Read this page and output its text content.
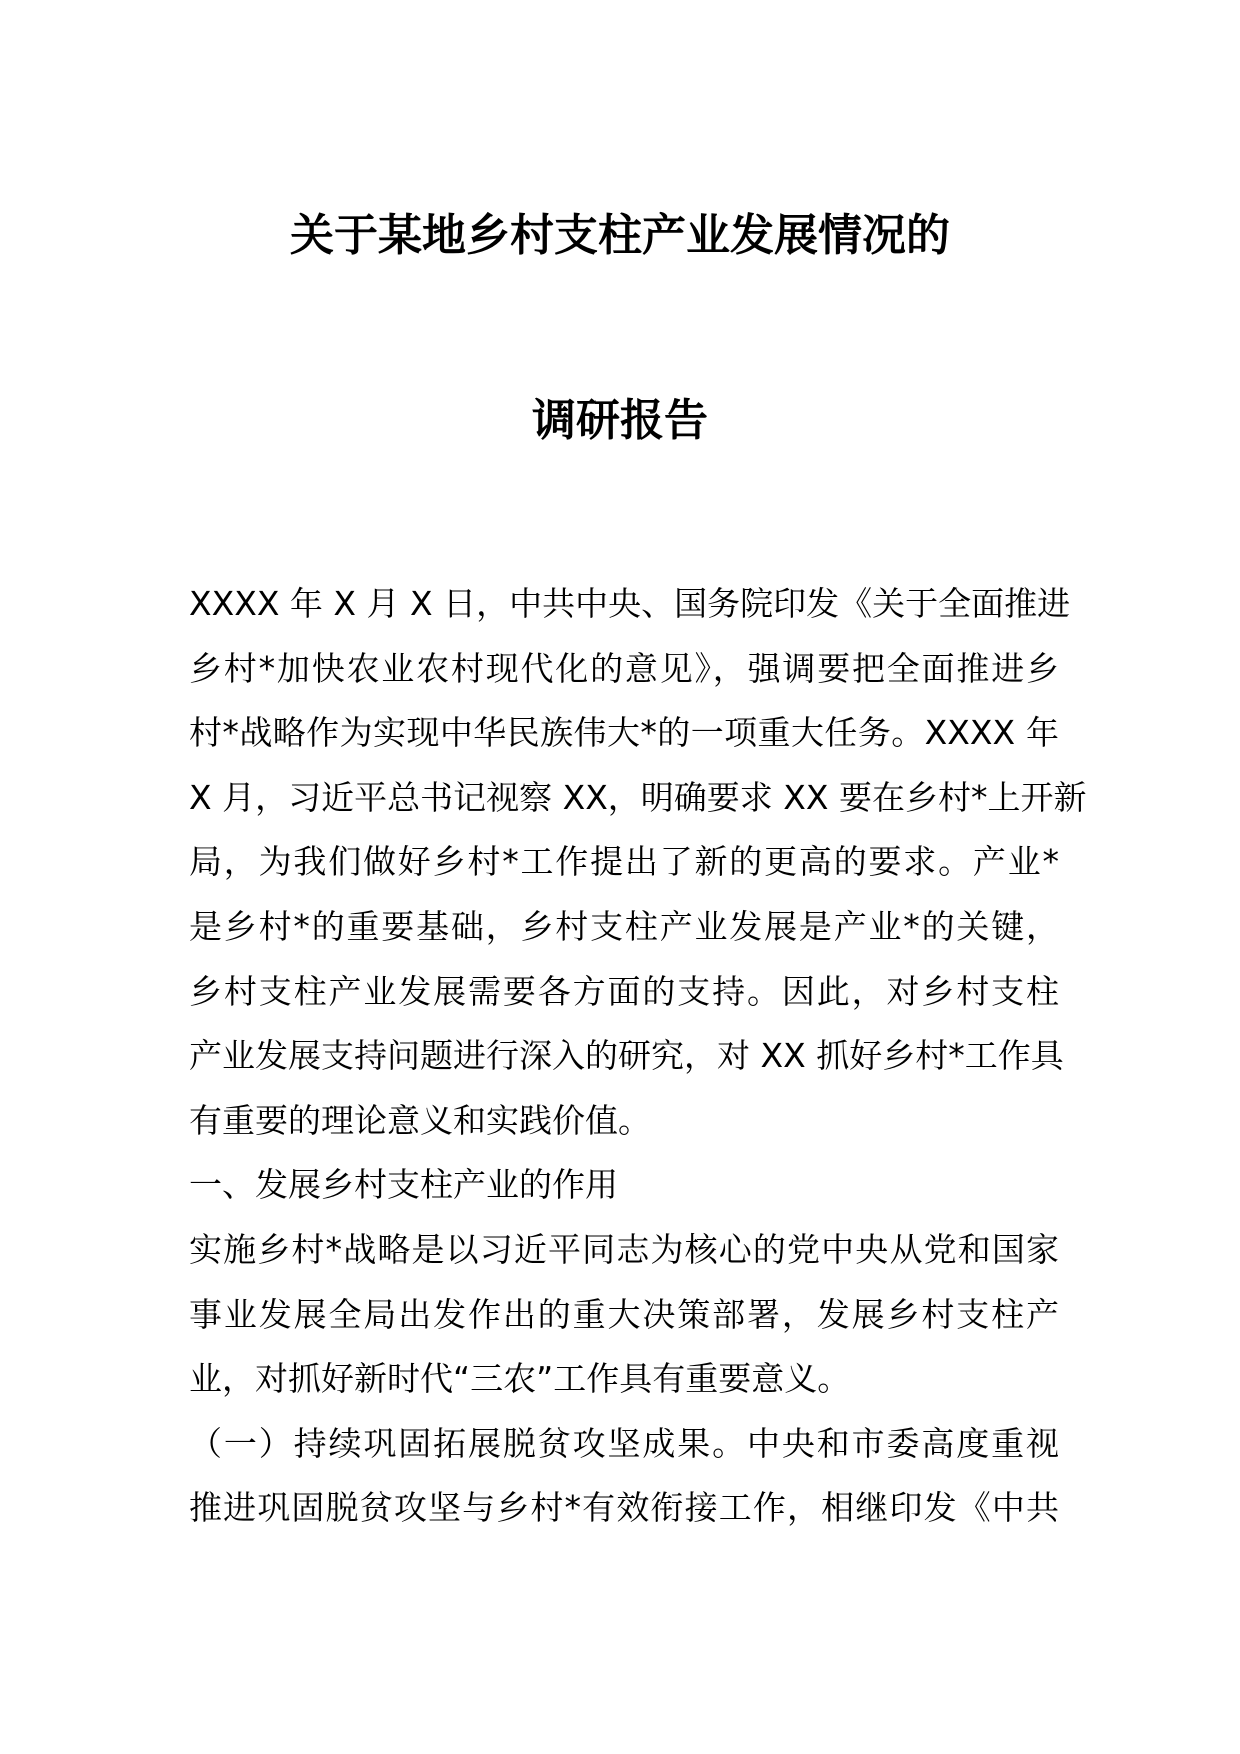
关于某地乡村支柱产业发展情况的
调研报告
XXXX 年 X 月 X 日，中共中央、国务院印发《关于全面推进
乡村*加快农业农村现代化的意见》，强调要把全面推进乡
村*战略作为实现中华民族伟大*的一项重大任务。XXXX 年
X 月，习近平总书记视察 XX，明确要求 XX 要在乡村*上开新
局，为我们做好乡村*工作提出了新的更高的要求。产业*
是乡村*的重要基础，乡村支柱产业发展是产业*的关键，
乡村支柱产业发展需要各方面的支持。因此，对乡村支柱
产业发展支持问题进行深入的研究，对 XX 抓好乡村*工作具
有重要的理论意义和实践价值。
一、发展乡村支柱产业的作用
实施乡村*战略是以习近平同志为核心的党中央从党和国家
事业发展全局出发作出的重大决策部署，发展乡村支柱产
业，对抓好新时代“三农”工作具有重要意义。
（一）持续巩固拓展脱贫攻坚成果。中央和市委高度重视
推进巩固脱贫攻坚与乡村*有效衔接工作，相继印发《中共
